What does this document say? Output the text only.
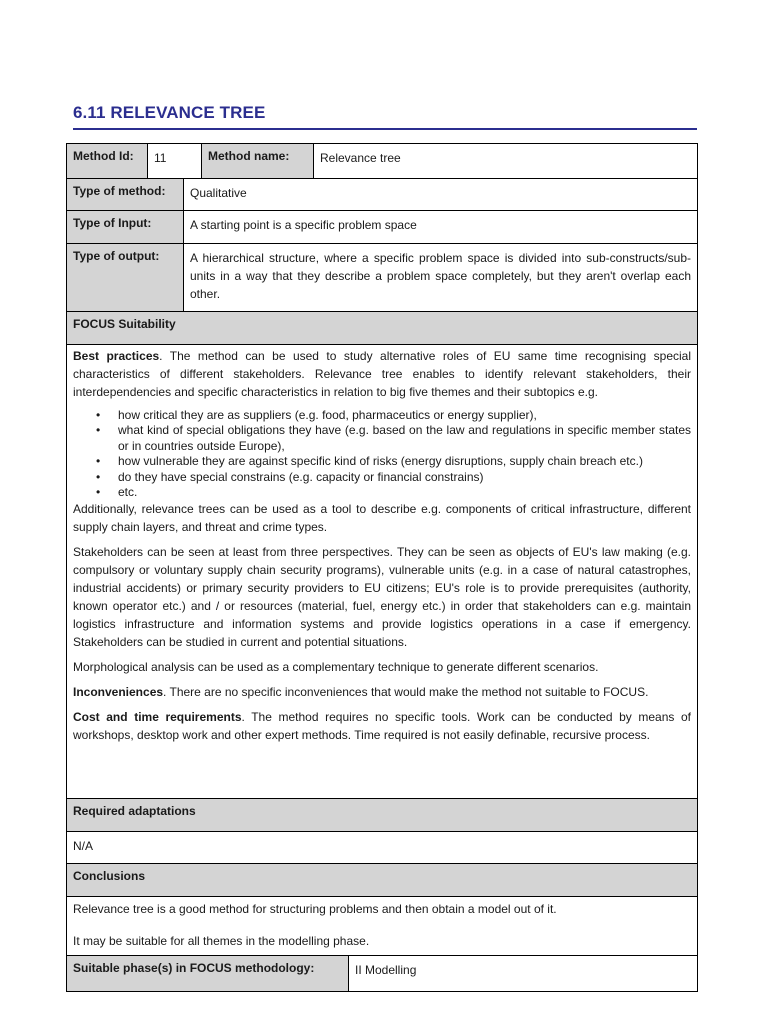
6.11 RELEVANCE TREE
Method Id:	11	Method name:	Relevance tree
Type of method:	Qualitative
Type of Input:	A starting point is a specific problem space
Type of output:	A hierarchical structure, where a specific problem space is divided into sub-constructs/sub-units in a way that they describe a problem space completely, but they aren't overlap each other.
FOCUS Suitability

Best practices. The method can be used to study alternative roles of EU same time recognising special characteristics of different stakeholders. Relevance tree enables to identify relevant stakeholders, their interdependencies and specific characteristics in relation to big five themes and their subtopics e.g.

• how critical they are as suppliers (e.g. food, pharmaceutics or energy supplier),
• what kind of special obligations they have (e.g. based on the law and regulations in specific member states or in countries outside Europe),
• how vulnerable they are against specific kind of risks (energy disruptions, supply chain breach etc.)
• do they have special constrains (e.g. capacity or financial constrains)
• etc.

Additionally, relevance trees can be used as a tool to describe e.g. components of critical infrastructure, different supply chain layers, and threat and crime types.

Stakeholders can be seen at least from three perspectives. They can be seen as objects of EU's law making (e.g. compulsory or voluntary supply chain security programs), vulnerable units (e.g. in a case of natural catastrophes, industrial accidents) or primary security providers to EU citizens; EU's role is to provide prerequisites (authority, known operator etc.) and / or resources (material, fuel, energy etc.) in order that stakeholders can e.g. maintain logistics infrastructure and information systems and provide logistics operations in a case if emergency. Stakeholders can be studied in current and potential situations.

Morphological analysis can be used as a complementary technique to generate different scenarios.

Inconveniences. There are no specific inconveniences that would make the method not suitable to FOCUS.

Cost and time requirements. The method requires no specific tools. Work can be conducted by means of workshops, desktop work and other expert methods. Time required is not easily definable, recursive process.

Required adaptations
N/A
Conclusions

Relevance tree is a good method for structuring problems and then obtain a model out of it.

It may be suitable for all themes in the modelling phase.

Suitable phase(s) in FOCUS methodology:	II Modelling
